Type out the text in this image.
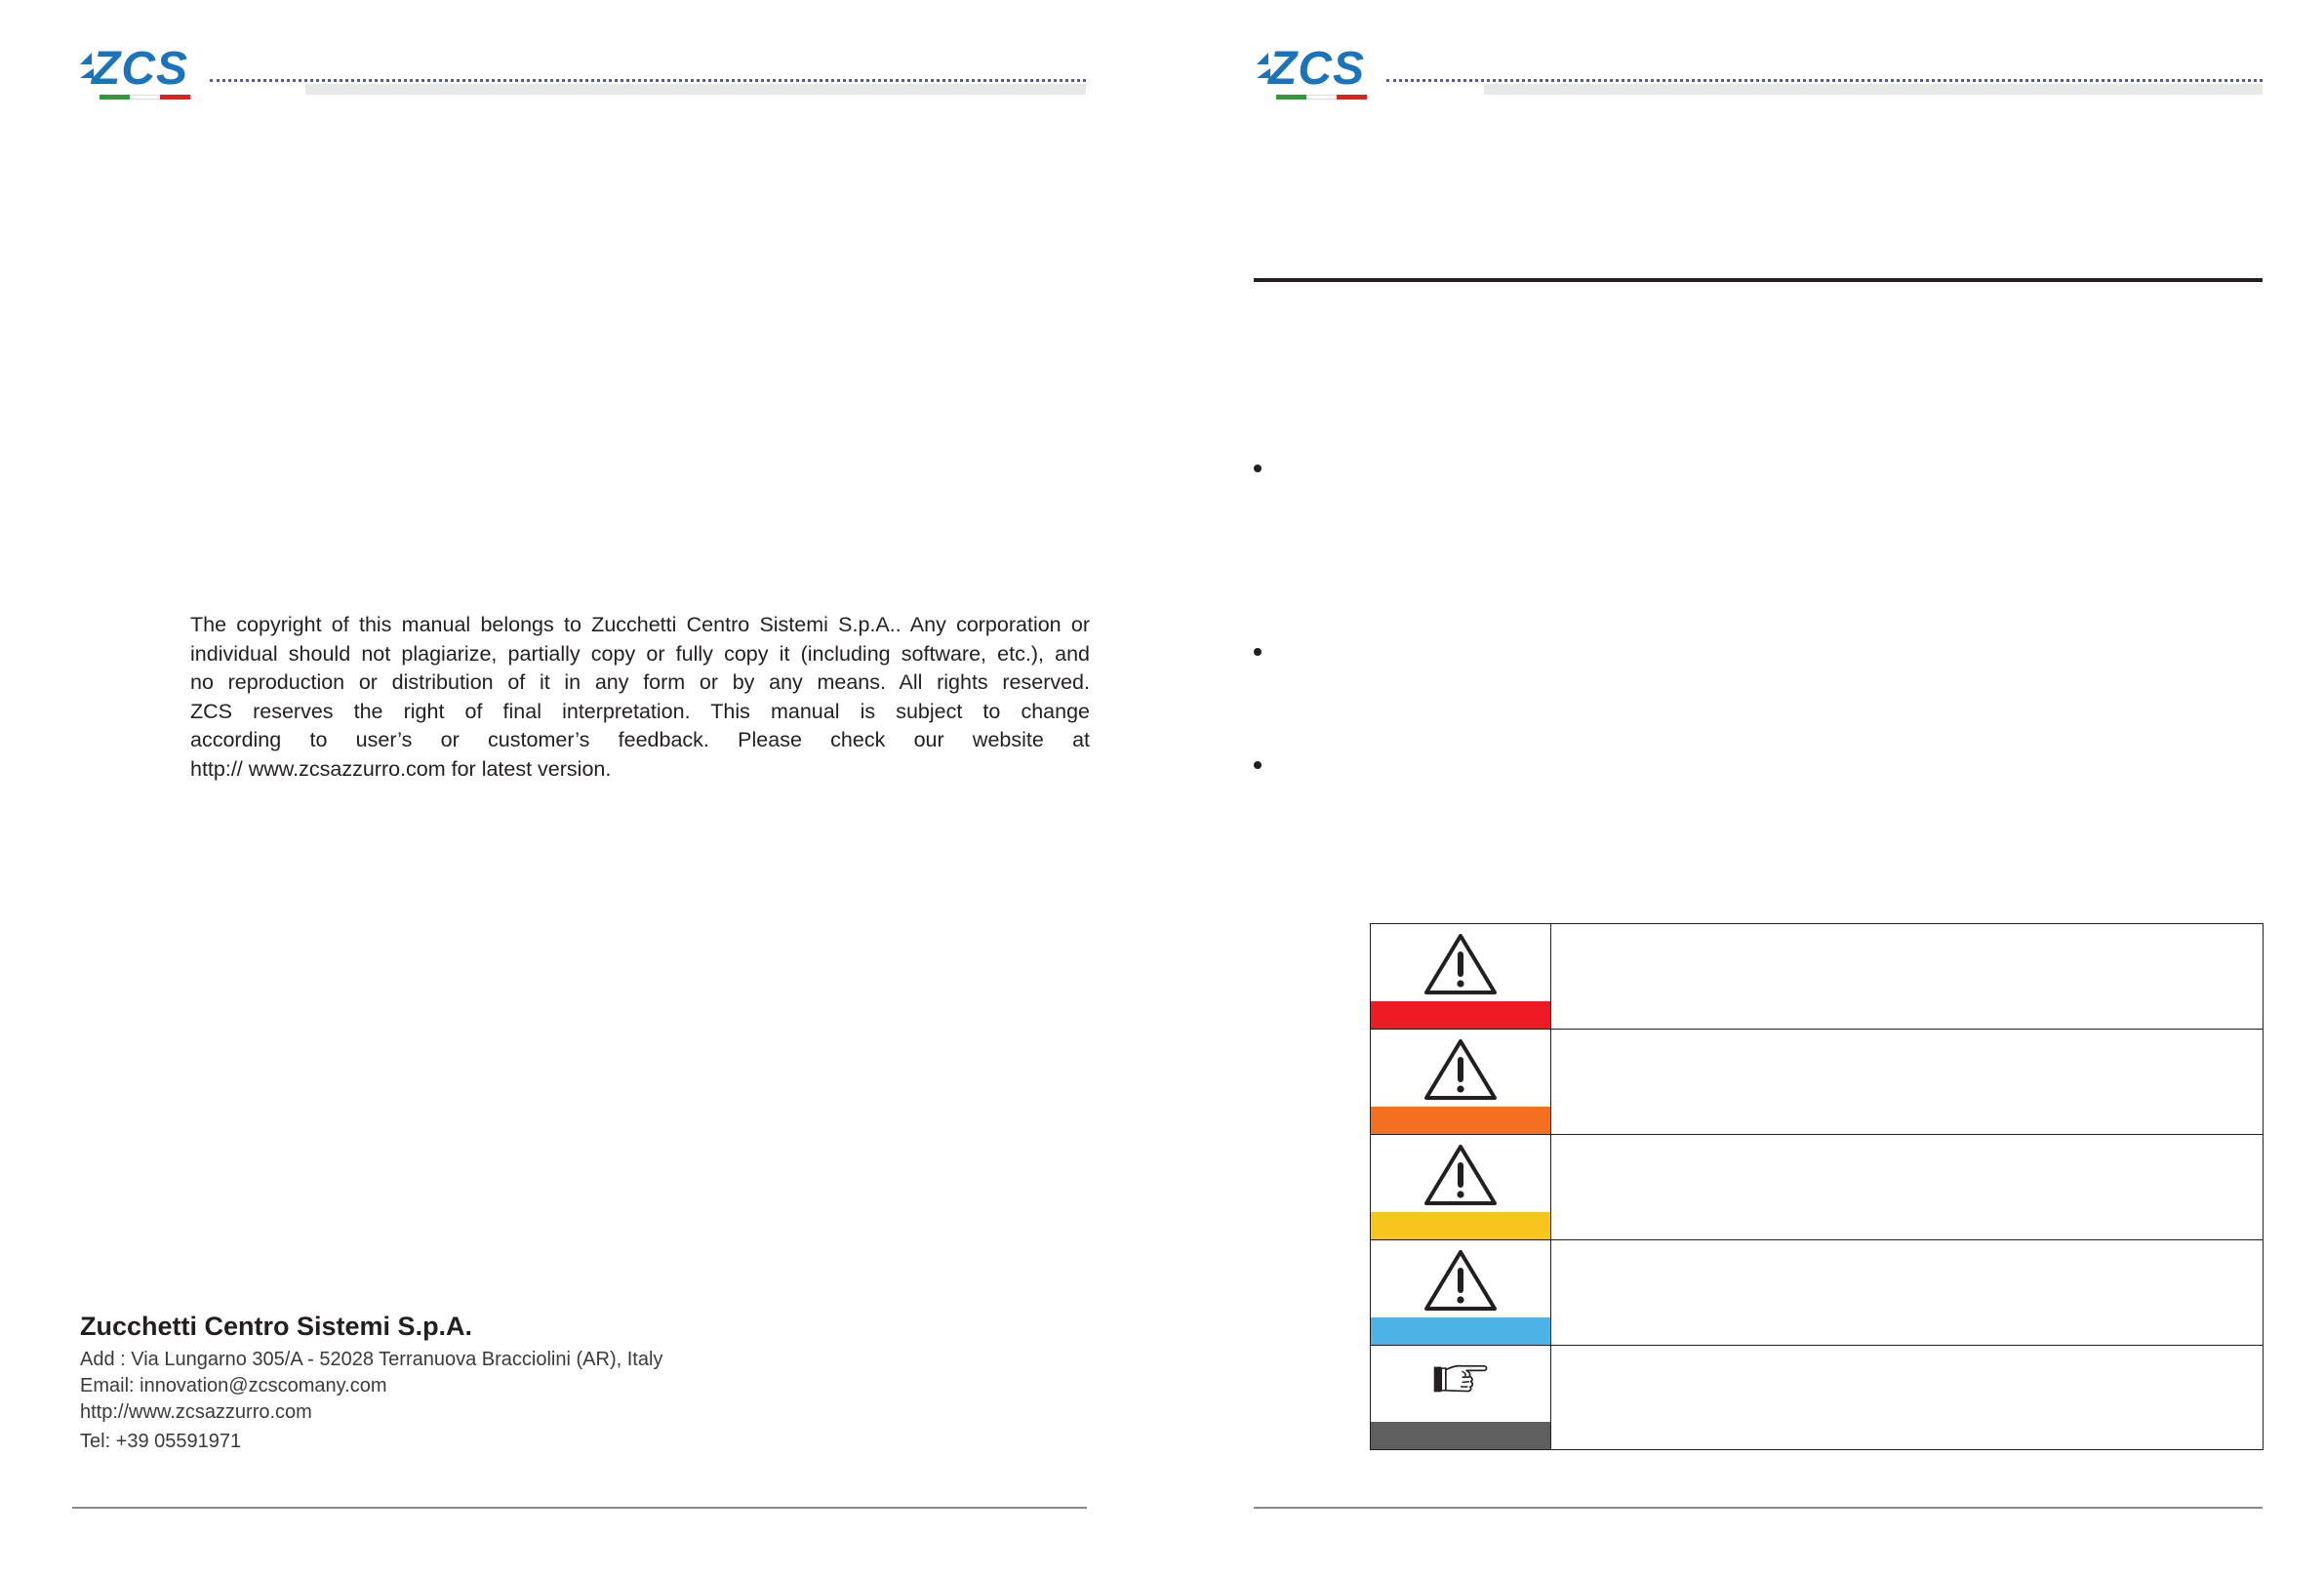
ZCS
The copyright of this manual belongs to Zucchetti Centro Sistemi S.p.A.. Any corporation or
individual should not plagiarize, partially copy or fully copy it (including software, etc.), and
no reproduction or distribution of it in any form or by any means. All rights reserved.
ZCS reserves the right of final interpretation. This manual is subject to change
according to user’s or customer’s feedback. Please check our website at
http:// www.zcsazzurro.com for latest version.
Zucchetti Centro Sistemi S.p.A.
Add : Via Lungarno 305/A - 52028 Terranuova Bracciolini (AR), Italy
Email: innovation@zcscomany.com
http://www.zcsazzurro.com
Tel: +39 05591971
ZCS
